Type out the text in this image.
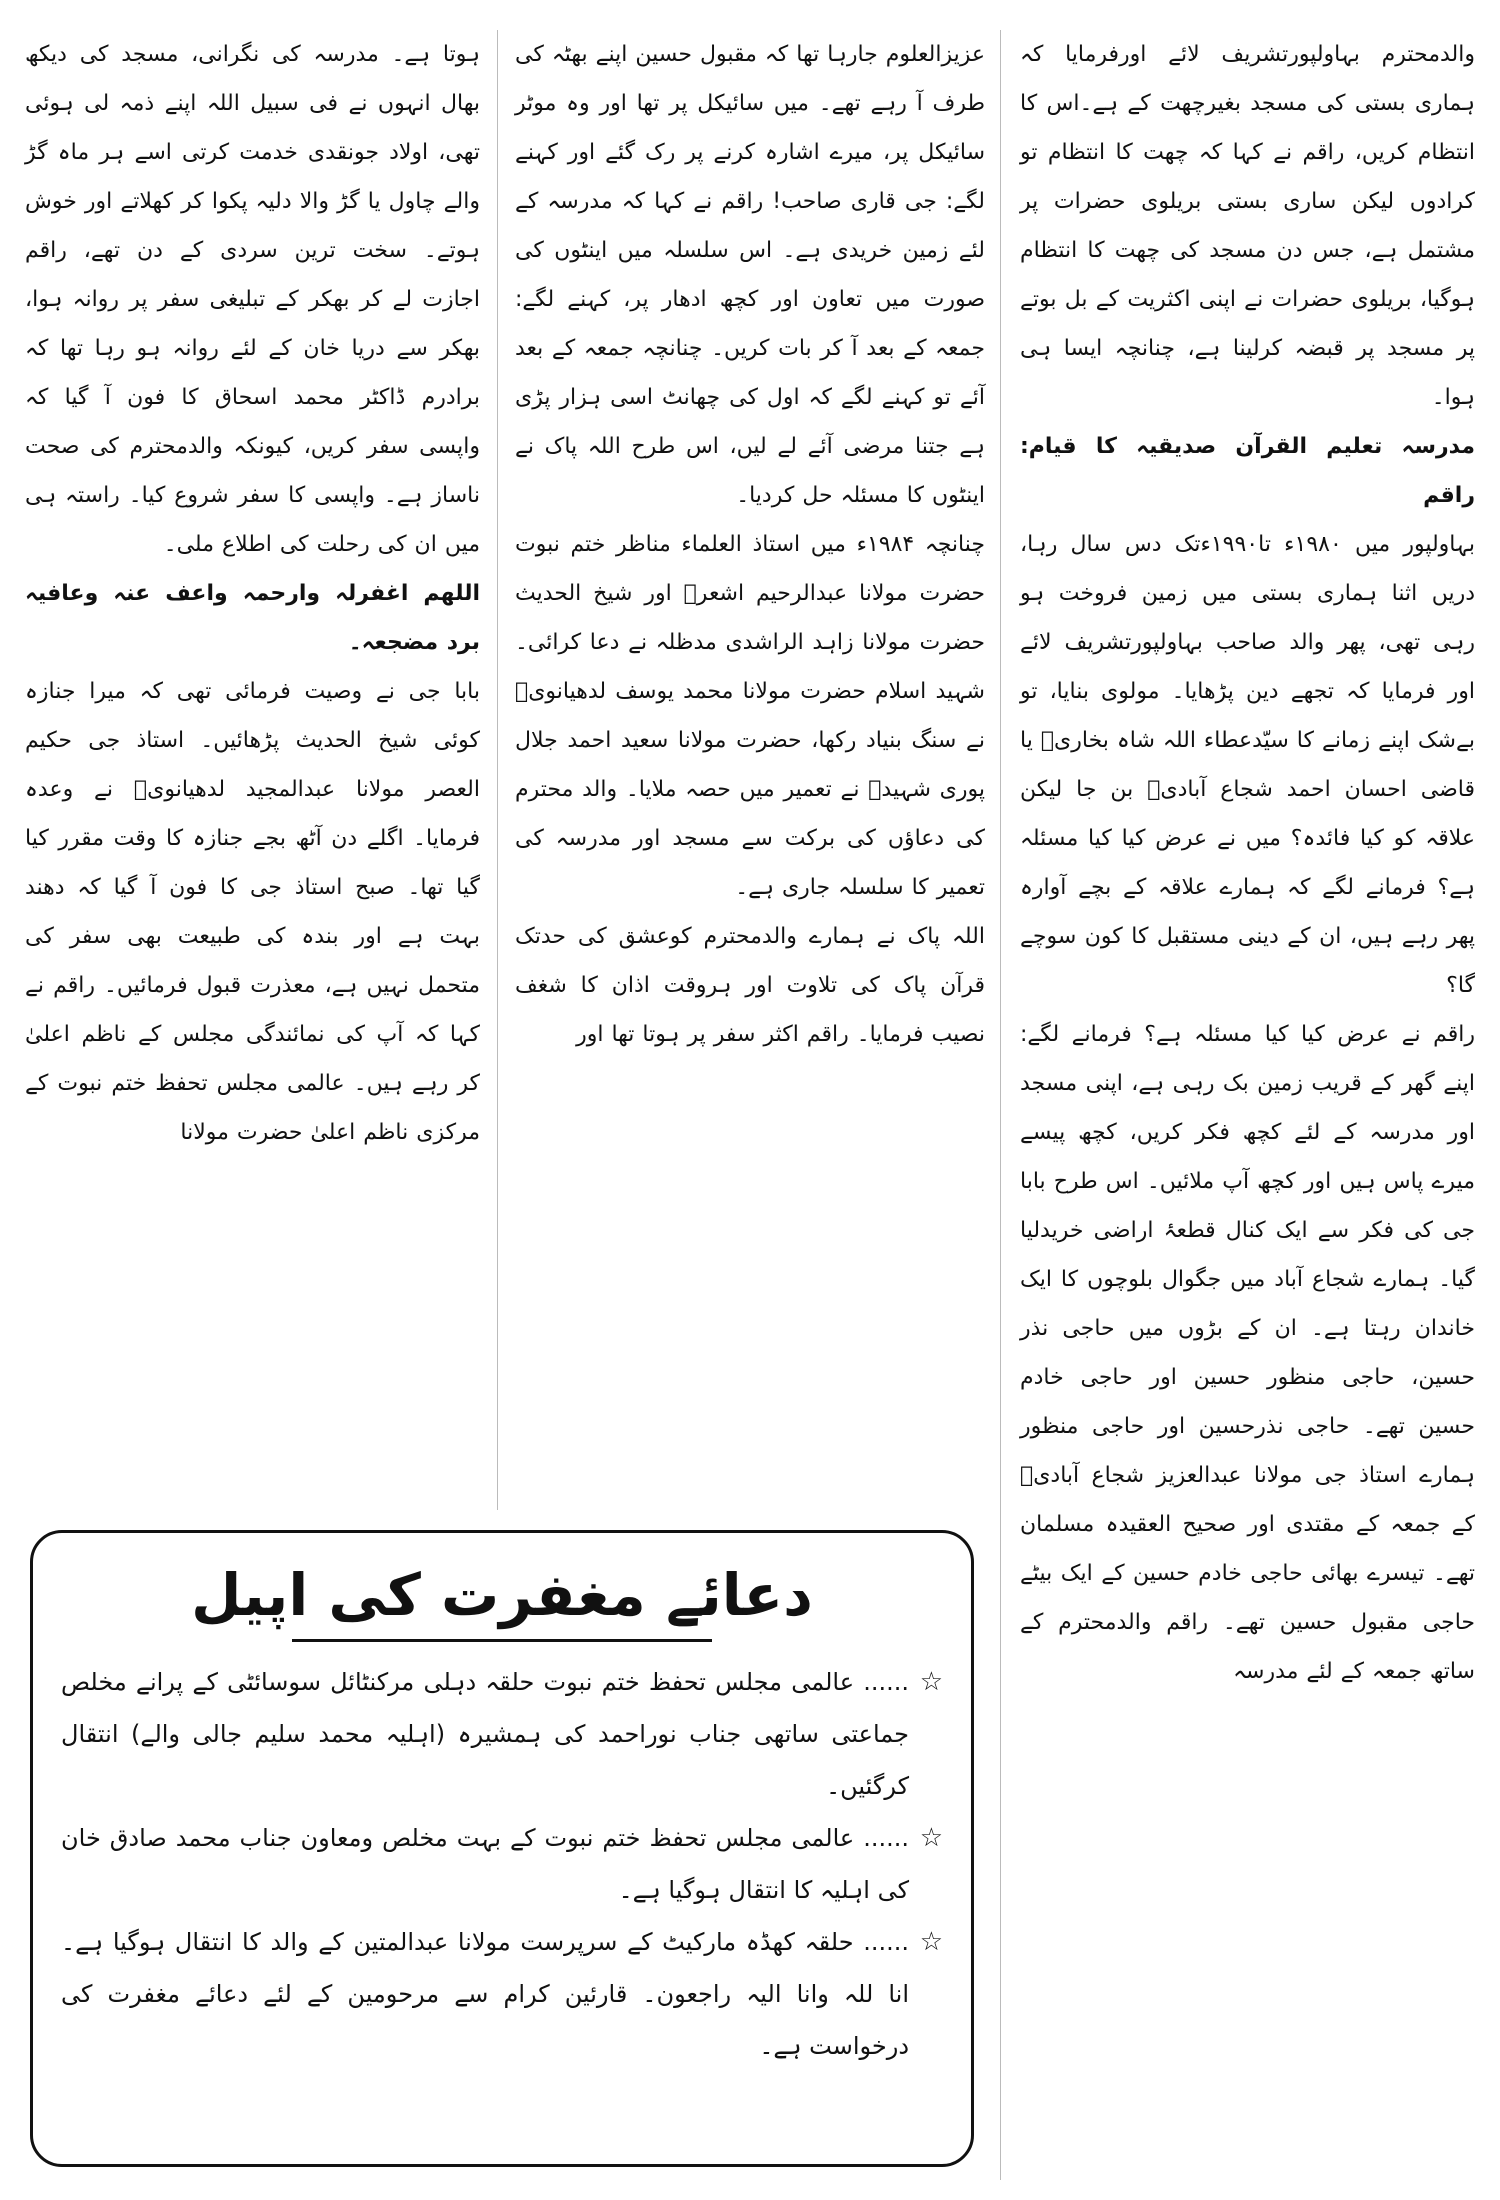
والدمحترم بہاولپورتشریف لائے اورفرمایا کہ ہماری بستی کی مسجد بغیرچھت کے ہے۔اس کا انتظام کریں، راقم نے کہا کہ چھت کا انتظام تو کرادوں لیکن ساری بستی بریلوی حضرات پر مشتمل ہے، جس دن مسجد کی چھت کا انتظام ہوگیا، بریلوی حضرات نے اپنی اکثریت کے بل بوتے پر مسجد پر قبضہ کرلینا ہے، چنانچہ ایسا ہی ہوا۔

مدرسہ تعلیم القرآن صدیقیہ کا قیام: راقم

بہاولپور میں ۱۹۸۰ء تا۱۹۹۰ءتک دس سال رہا، دریں اثنا ہماری بستی میں زمین فروخت ہو رہی تھی، پھر والد صاحب بہاولپورتشریف لائے اور فرمایا کہ تجھے دین پڑھایا۔ مولوی بنایا، تو بےشک اپنے زمانے کا سیّدعطاء اللہ شاہ بخاریؒ یا قاضی احسان احمد شجاع آبادیؒ بن جا لیکن علاقہ کو کیا فائدہ؟ میں نے عرض کیا کیا مسئلہ ہے؟ فرمانے لگے کہ ہمارے علاقہ کے بچے آوارہ پھر رہے ہیں، ان کے دینی مستقبل کا کون سوچے گا؟

راقم نے عرض کیا کیا مسئلہ ہے؟ فرمانے لگے: اپنے گھر کے قریب زمین بک رہی ہے، اپنی مسجد اور مدرسہ کے لئے کچھ فکر کریں، کچھ پیسے میرے پاس ہیں اور کچھ آپ ملائیں۔ اس طرح بابا جی کی فکر سے ایک کنال قطعۂ اراضی خریدلیا گیا۔ ہمارے شجاع آباد میں جگوال بلوچوں کا ایک خاندان رہتا ہے۔ ان کے بڑوں میں حاجی نذر حسین، حاجی منظور حسین اور حاجی خادم حسین تھے۔ حاجی نذرحسین اور حاجی منظور ہمارے استاذ جی مولانا عبدالعزیز شجاع آبادیؒ کے جمعہ کے مقتدی اور صحیح العقیدہ مسلمان تھے۔ تیسرے بھائی حاجی خادم حسین کے ایک بیٹے حاجی مقبول حسین تھے۔ راقم والدمحترم کے ساتھ جمعہ کے لئے مدرسہ

عزیزالعلوم جارہا تھا کہ مقبول حسین اپنے بھٹہ کی طرف آ رہے تھے۔ میں سائیکل پر تھا اور وہ موٹر سائیکل پر، میرے اشارہ کرنے پر رک گئے اور کہنے لگے: جی قاری صاحب! راقم نے کہا کہ مدرسہ کے لئے زمین خریدی ہے۔ اس سلسلہ میں اینٹوں کی صورت میں تعاون اور کچھ ادھار پر، کہنے لگے: جمعہ کے بعد آ کر بات کریں۔ چنانچہ جمعہ کے بعد آئے تو کہنے لگے کہ اول کی چھانٹ اسی ہزار پڑی ہے جتنا مرضی آئے لے لیں، اس طرح اللہ پاک نے اینٹوں کا مسئلہ حل کردیا۔

چنانچہ ۱۹۸۴ء میں استاذ العلماء مناظر ختم نبوت حضرت مولانا عبدالرحیم اشعرؒ اور شیخ الحدیث حضرت مولانا زاہد الراشدی مدظلہ نے دعا کرائی۔ شہید اسلام حضرت مولانا محمد یوسف لدھیانویؒ نے سنگ بنیاد رکھا، حضرت مولانا سعید احمد جلال پوری شہیدؒ نے تعمیر میں حصہ ملایا۔ والد محترم کی دعاؤں کی برکت سے مسجد اور مدرسہ کی تعمیر کا سلسلہ جاری ہے۔

اللہ پاک نے ہمارے والدمحترم کوعشق کی حدتک قرآن پاک کی تلاوت اور ہروقت اذان کا شغف نصیب فرمایا۔ راقم اکثر سفر پر ہوتا تھا اور

ہوتا ہے۔ مدرسہ کی نگرانی، مسجد کی دیکھ بھال انہوں نے فی سبیل اللہ اپنے ذمہ لی ہوئی تھی، اولاد جونقدی خدمت کرتی اسے ہر ماہ گڑ والے چاول یا گڑ والا دلیہ پکوا کر کھلاتے اور خوش ہوتے۔ سخت ترین سردی کے دن تھے، راقم اجازت لے کر بھکر کے تبلیغی سفر پر روانہ ہوا، بھکر سے دریا خان کے لئے روانہ ہو رہا تھا کہ برادرم ڈاکٹر محمد اسحاق کا فون آ گیا کہ واپسی سفر کریں، کیونکہ والدمحترم کی صحت ناساز ہے۔ واپسی کا سفر شروع کیا۔ راستہ ہی میں ان کی رحلت کی اطلاع ملی۔

اللھم اغفرلہ وارحمہ واعف عنہ وعافیہ برد مضجعہ۔

بابا جی نے وصیت فرمائی تھی کہ میرا جنازہ کوئی شیخ الحدیث پڑھائیں۔ استاذ جی حکیم العصر مولانا عبدالمجید لدھیانویؒ نے وعدہ فرمایا۔ اگلے دن آٹھ بجے جنازہ کا وقت مقرر کیا گیا تھا۔ صبح استاذ جی کا فون آ گیا کہ دھند بہت ہے اور بندہ کی طبیعت بھی سفر کی متحمل نہیں ہے، معذرت قبول فرمائیں۔ راقم نے کہا کہ آپ کی نمائندگی مجلس کے ناظم اعلیٰ کر رہے ہیں۔ عالمی مجلس تحفظ ختم نبوت کے مرکزی ناظم اعلیٰ حضرت مولانا

دعائے مغفرت کی اپیل

☆
...... عالمی مجلس تحفظ ختم نبوت حلقہ دہلی مرکنٹائل سوسائٹی کے پرانے مخلص جماعتی ساتھی جناب نوراحمد کی ہمشیرہ (اہلیہ محمد سلیم جالی والے) انتقال کرگئیں۔
☆
...... عالمی مجلس تحفظ ختم نبوت کے بہت مخلص ومعاون جناب محمد صادق خان کی اہلیہ کا انتقال ہوگیا ہے۔
☆
...... حلقہ کھڈہ مارکیٹ کے سرپرست مولانا عبدالمتین کے والد کا انتقال ہوگیا ہے۔ انا للہ وانا الیہ راجعون۔ قارئین کرام سے مرحومین کے لئے دعائے مغفرت کی درخواست ہے۔
